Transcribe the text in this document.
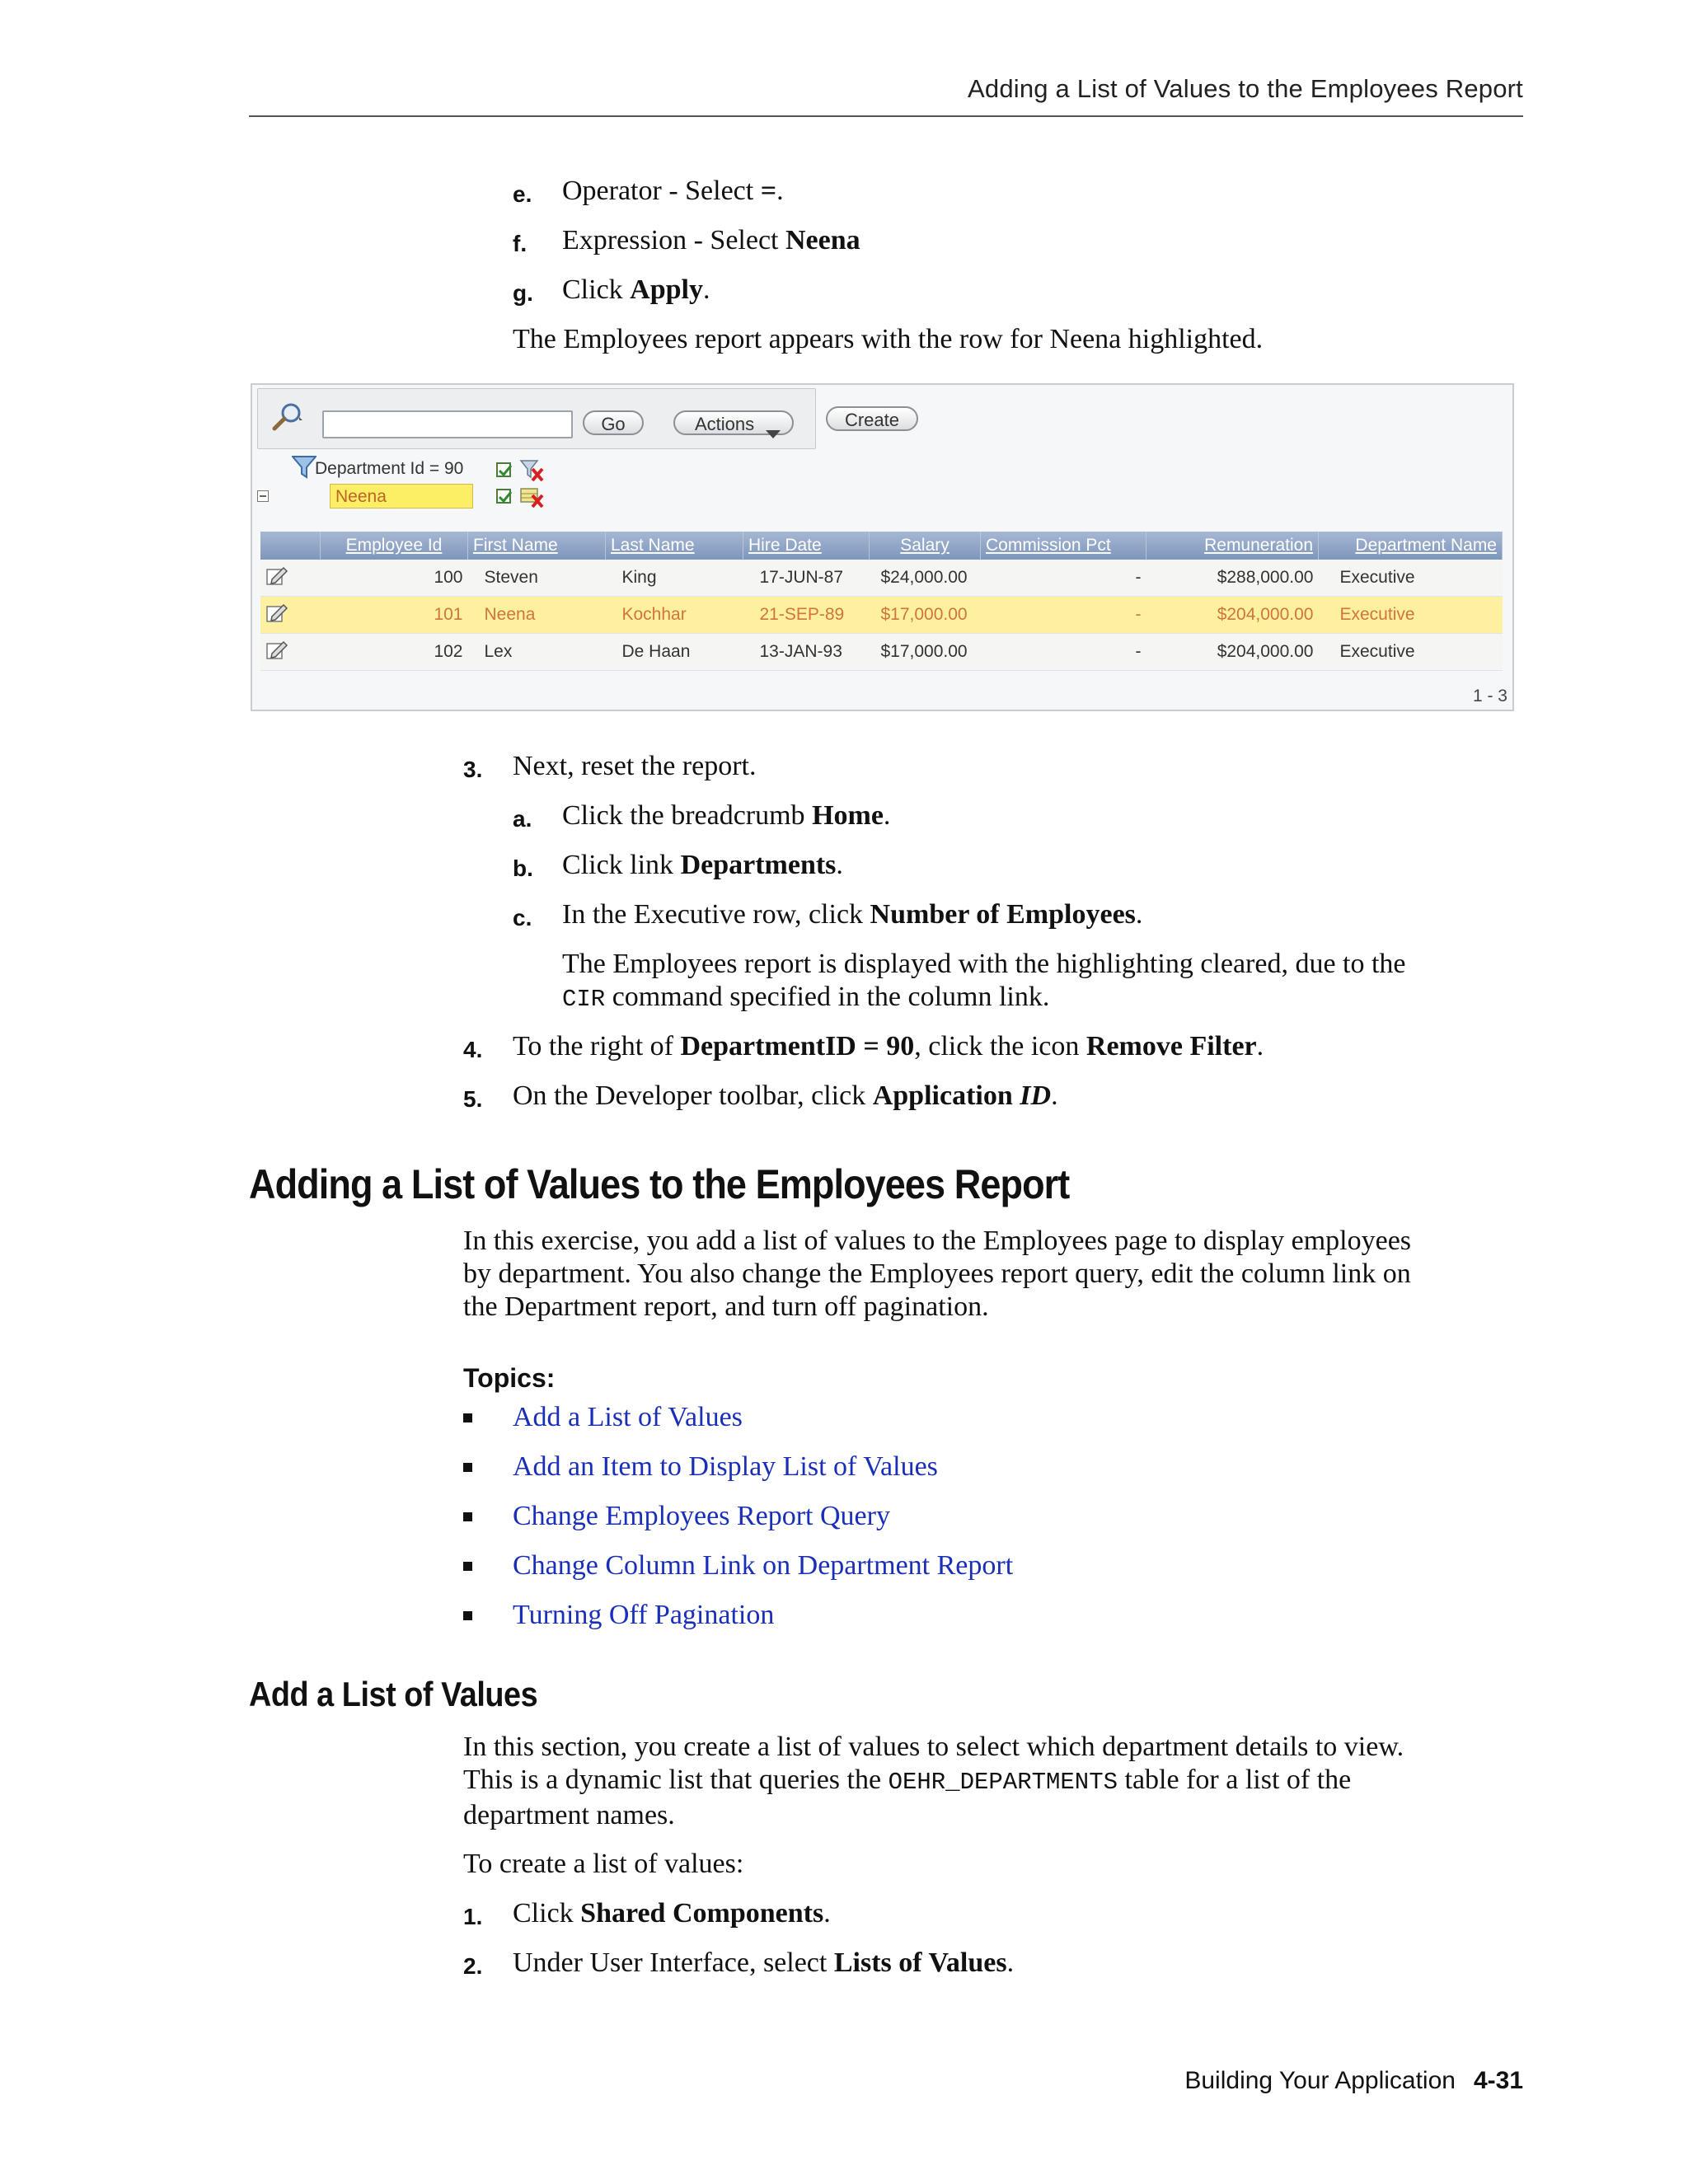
Adding a List of Values to the Employees Report
e. Operator - Select =.
f. Expression - Select Neena
g. Click Apply.
The Employees report appears with the row for Neena highlighted.
Go	Actions	Create
Department Id = 90
Neena
	Employee Id	First Name	Last Name	Hire Date	Salary	Commission Pct	Remuneration	Department Name
	100	Steven	King	17-JUN-87	$24,000.00	-	$288,000.00	Executive
	101	Neena	Kochhar	21-SEP-89	$17,000.00	-	$204,000.00	Executive
	102	Lex	De Haan	13-JAN-93	$17,000.00	-	$204,000.00	Executive
1 - 3
3. Next, reset the report.
a. Click the breadcrumb Home.
b. Click link Departments.
c. In the Executive row, click Number of Employees.
The Employees report is displayed with the highlighting cleared, due to the
CIR command specified in the column link.
4. To the right of DepartmentID = 90, click the icon Remove Filter.
5. On the Developer toolbar, click Application ID.
Adding a List of Values to the Employees Report
In this exercise, you add a list of values to the Employees page to display employees
by department. You also change the Employees report query, edit the column link on
the Department report, and turn off pagination.
Topics:
Add a List of Values
Add an Item to Display List of Values
Change Employees Report Query
Change Column Link on Department Report
Turning Off Pagination
Add a List of Values
In this section, you create a list of values to select which department details to view.
This is a dynamic list that queries the OEHR_DEPARTMENTS table for a list of the
department names.
To create a list of values:
1. Click Shared Components.
2. Under User Interface, select Lists of Values.
Building Your Application 4-31
